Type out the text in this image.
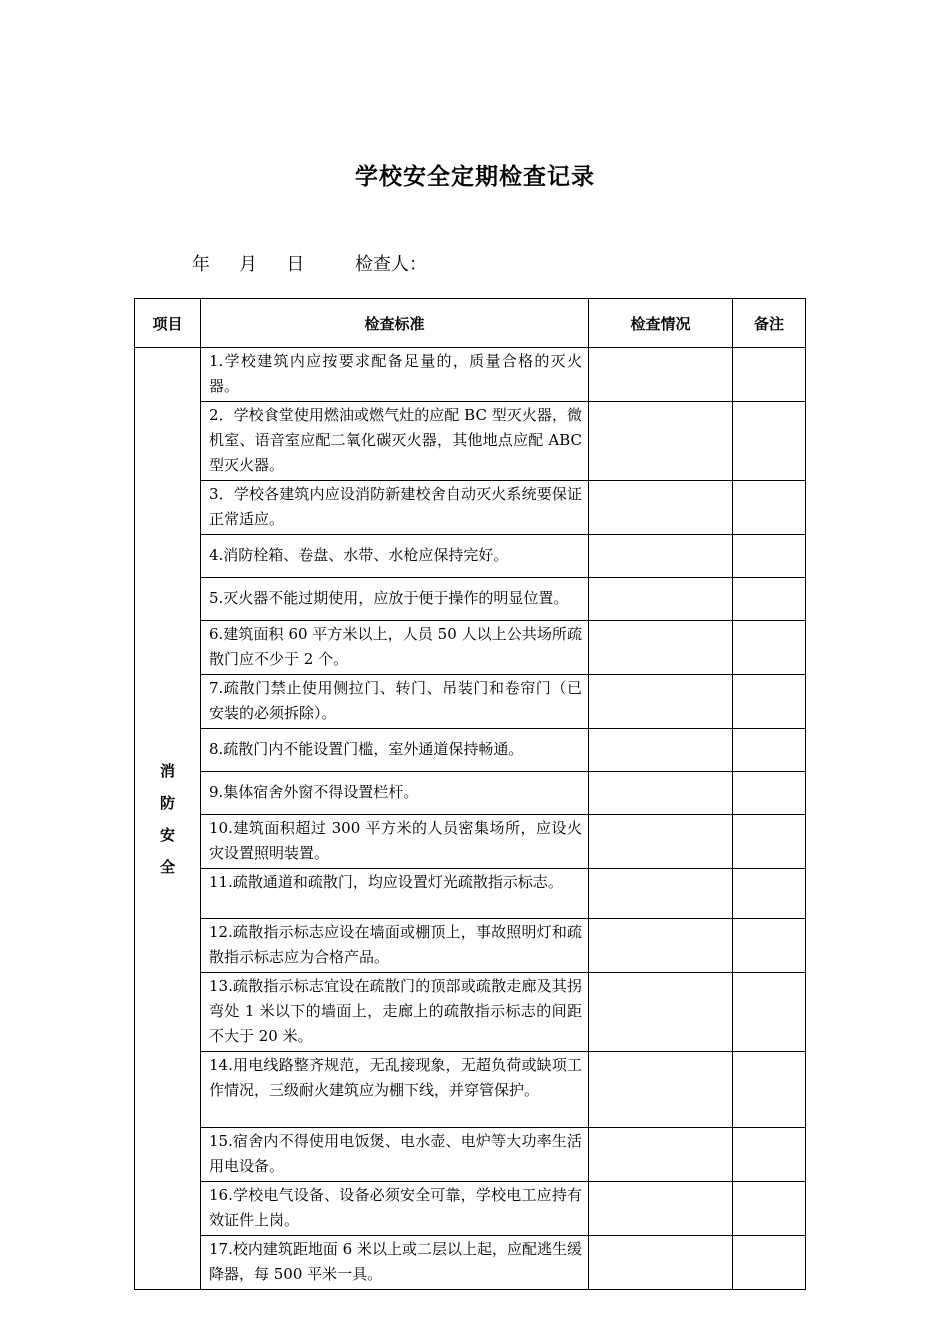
学校安全定期检查记录
年   月   日	检查人：
项目	检查标准	检查情况	备注
消防安全	1.学校建筑内应按要求配备足量的，质量合格的灭火器。		
	2．学校食堂使用燃油或燃气灶的应配 BC 型灭火器，微机室、语音室应配二氧化碳灭火器，其他地点应配 ABC 型灭火器。		
	3．学校各建筑内应设消防新建校舍自动灭火系统要保证正常适应。		
	4.消防栓箱、卷盘、水带、水枪应保持完好。		
	5.灭火器不能过期使用，应放于便于操作的明显位置。		
	6.建筑面积 60 平方米以上，人员 50 人以上公共场所疏散门应不少于 2 个。		
	7.疏散门禁止使用侧拉门、转门、吊装门和卷帘门（已安装的必须拆除）。		
	8.疏散门内不能设置门槛，室外通道保持畅通。		
	9.集体宿舍外窗不得设置栏杆。		
	10.建筑面积超过 300 平方米的人员密集场所，应设火灾设置照明装置。		
	11.疏散通道和疏散门，均应设置灯光疏散指示标志。		
	12.疏散指示标志应设在墙面或棚顶上，事故照明灯和疏散指示标志应为合格产品。		
	13.疏散指示标志宜设在疏散门的顶部或疏散走廊及其拐弯处 1 米以下的墙面上，走廊上的疏散指示标志的间距不大于 20 米。		
	14.用电线路整齐规范，无乱接现象，无超负荷或缺项工作情况，三级耐火建筑应为棚下线，并穿管保护。		
	15.宿舍内不得使用电饭煲、电水壶、电炉等大功率生活用电设备。		
	16.学校电气设备、设备必须安全可靠，学校电工应持有效证件上岗。		
	17.校内建筑距地面 6 米以上或二层以上起，应配逃生缓降器，每 500 平米一具。		
